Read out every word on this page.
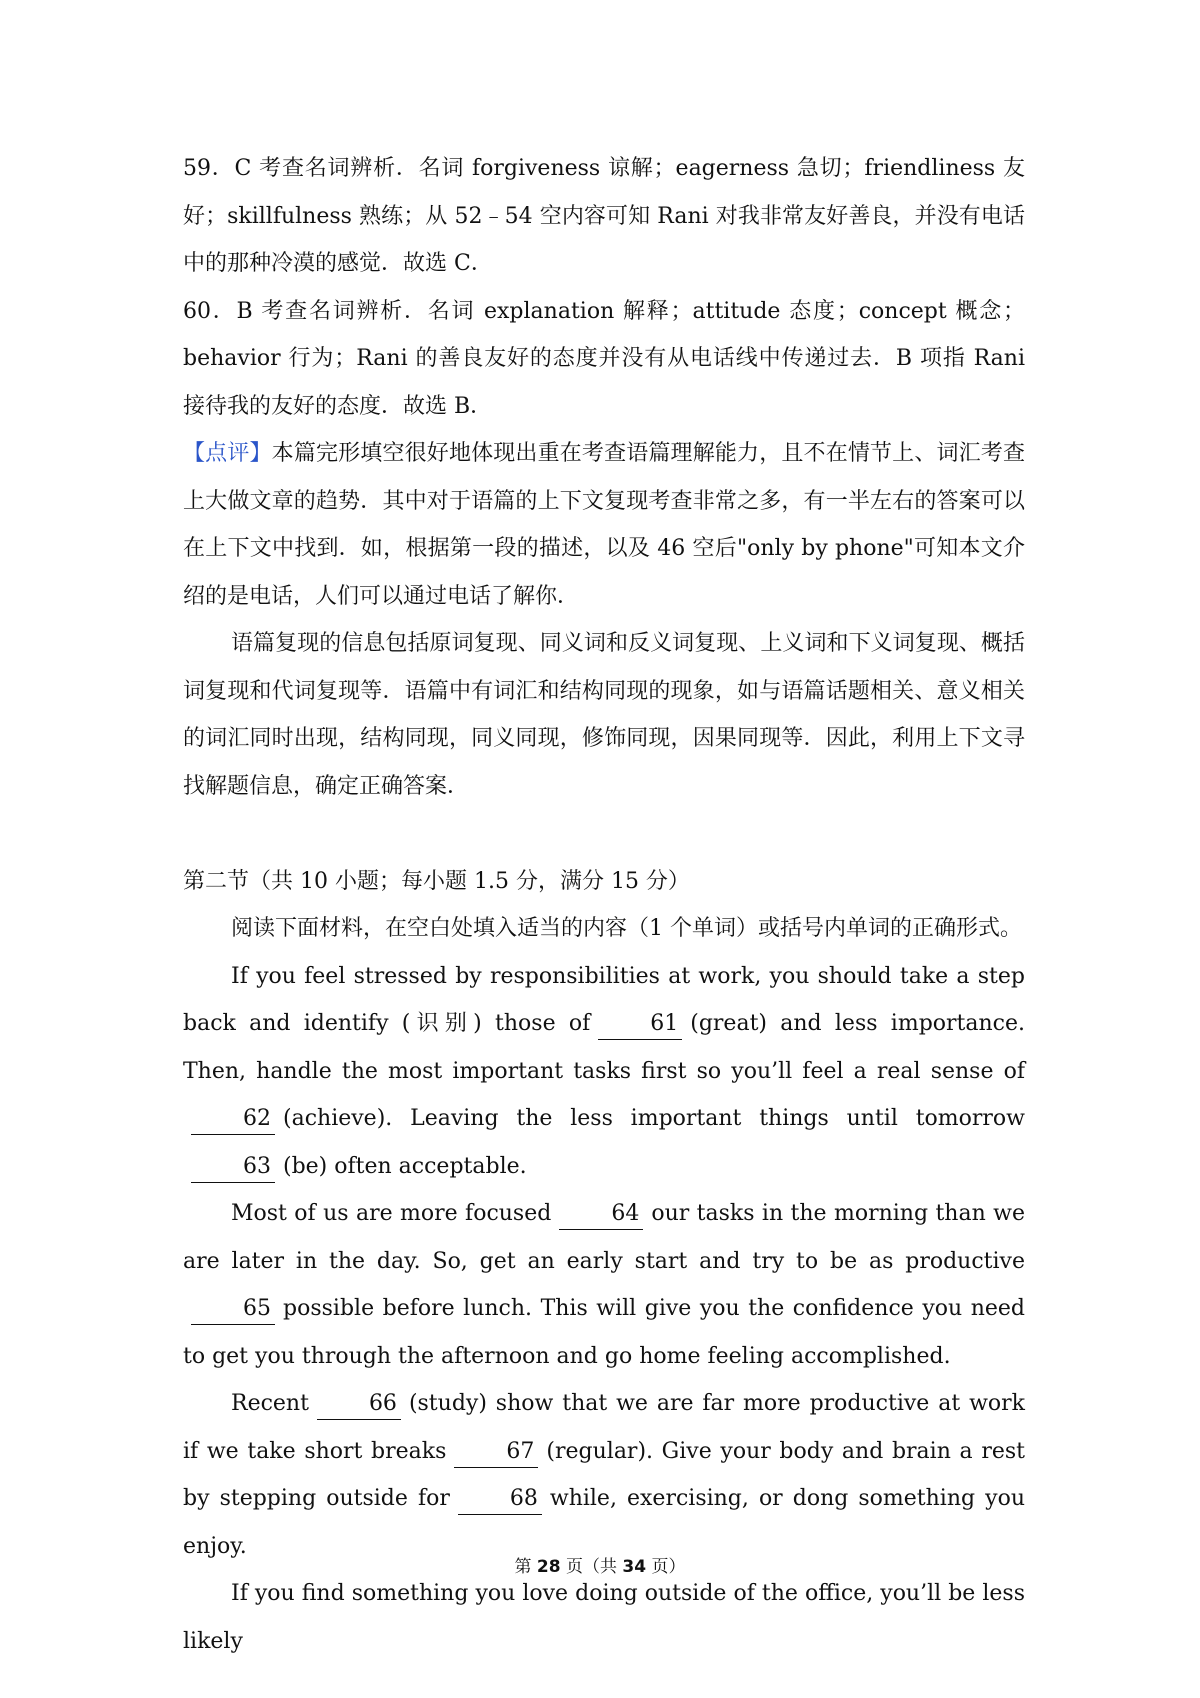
59．C 考查名词辨析．名词 forgiveness 谅解；eagerness 急切；friendliness 友好；skillfulness 熟练；从 52﹣54 空内容可知 Rani 对我非常友好善良，并没有电话中的那种冷漠的感觉．故选 C．

60．B 考查名词辨析．名词 explanation 解释；attitude 态度；concept 概念；behavior 行为；Rani 的善良友好的态度并没有从电话线中传递过去．B 项指 Rani 接待我的友好的态度．故选 B．

【点评】本篇完形填空很好地体现出重在考查语篇理解能力，且不在情节上、词汇考查上大做文章的趋势．其中对于语篇的上下文复现考查非常之多，有一半左右的答案可以在上下文中找到．如，根据第一段的描述，以及 46 空后"only by phone"可知本文介绍的是电话，人们可以通过电话了解你．

语篇复现的信息包括原词复现、同义词和反义词复现、上义词和下义词复现、概括词复现和代词复现等．语篇中有词汇和结构同现的现象，如与语篇话题相关、意义相关的词汇同时出现，结构同现，同义同现，修饰同现，因果同现等．因此，利用上下文寻找解题信息，确定正确答案．

第二节（共 10 小题；每小题 1.5 分，满分 15 分）

阅读下面材料，在空白处填入适当的内容（1 个单词）或括号内单词的正确形式。

If you feel stressed by responsibilities at work, you should take a step back and identify (识别) those of	61 (great) and less importance. Then, handle the most important tasks first so you’ll feel a real sense of62 (achieve). Leaving the less important things until tomorrow63 (be) often acceptable.

Most of us are more focused	64 our tasks in the morning than we are later in the day. So, get an early start and try to be as productive65 possible before lunch. This will give you the confidence you need to get you through the afternoon and go home feeling accomplished.

Recent	66 (study) show that we are far more productive at work if we take short breaks	67 (regular). Give your body and brain a rest by stepping outside for	68 while, exercising, or dong something you enjoy.

If you find something you love doing outside of the office, you’ll be less likely

第 28 页（共 34 页）
